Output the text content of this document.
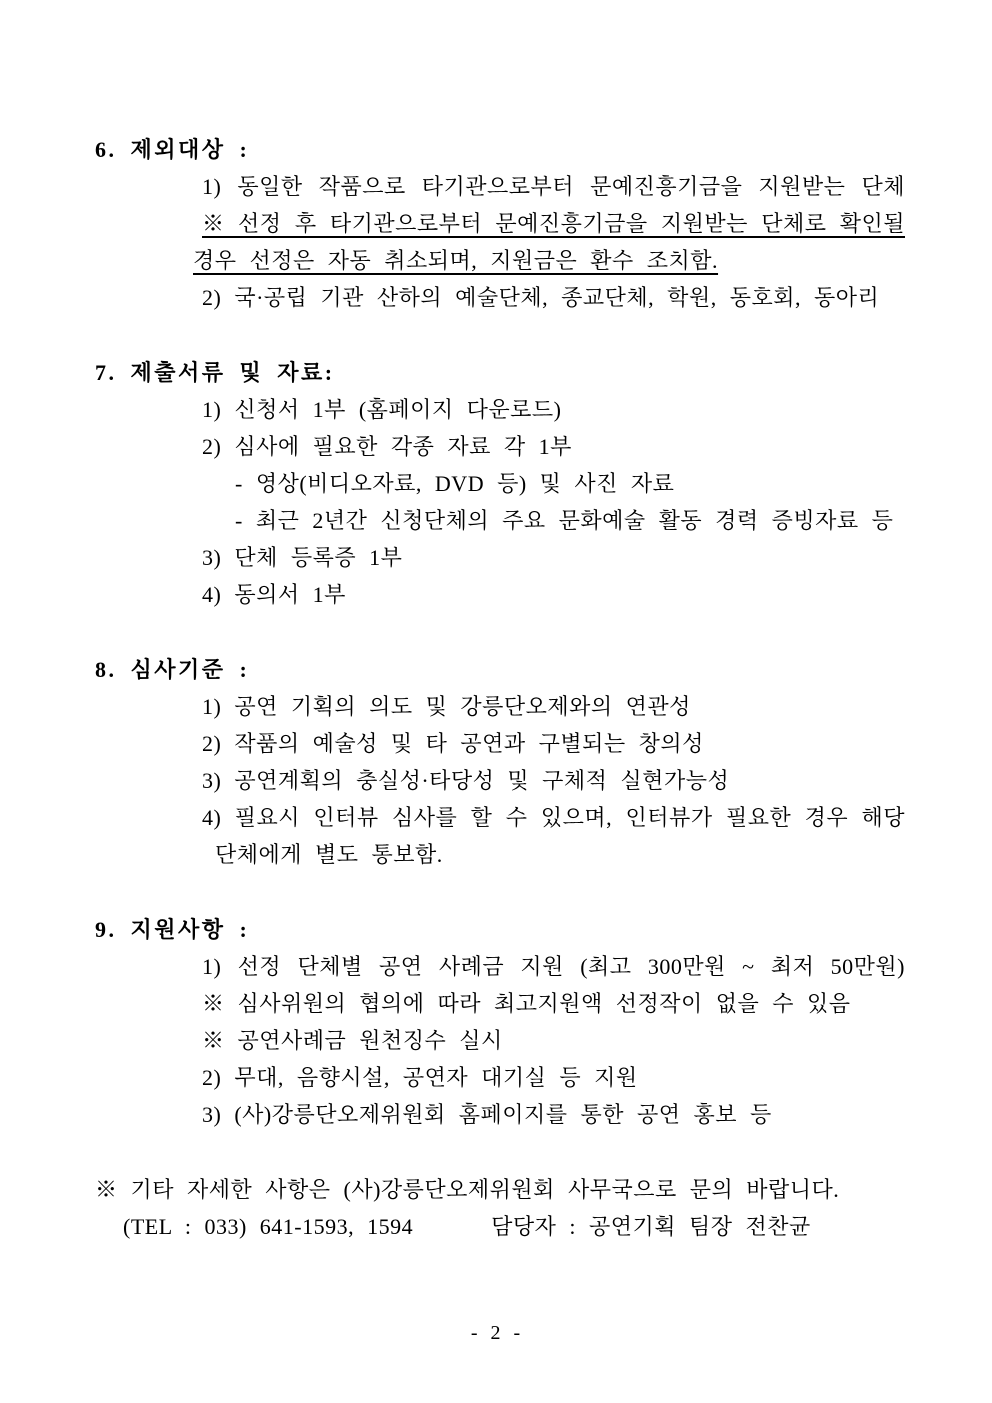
6. 제외대상 :
1) 동일한 작품으로 타기관으로부터 문예진흥기금을 지원받는 단체
※ 선정 후 타기관으로부터 문예진흥기금을 지원받는 단체로 확인될
경우 선정은 자동 취소되며, 지원금은 환수 조치함.
2) 국·공립 기관 산하의 예술단체, 종교단체, 학원, 동호회, 동아리
7. 제출서류 및 자료:
1) 신청서 1부 (홈페이지 다운로드)
2) 심사에 필요한 각종 자료 각 1부
- 영상(비디오자료, DVD 등) 및 사진 자료
- 최근 2년간 신청단체의 주요 문화예술 활동 경력 증빙자료 등
3) 단체 등록증 1부
4) 동의서 1부
8. 심사기준 :
1) 공연 기획의 의도 및 강릉단오제와의 연관성
2) 작품의 예술성 및 타 공연과 구별되는 창의성
3) 공연계획의 충실성·타당성 및 구체적 실현가능성
4) 필요시 인터뷰 심사를 할 수 있으며, 인터뷰가 필요한 경우 해당
단체에게 별도 통보함.
9. 지원사항 :
1) 선정 단체별 공연 사례금 지원 (최고 300만원 ~ 최저 50만원)
※ 심사위원의 협의에 따라 최고지원액 선정작이 없을 수 있음
※ 공연사례금 원천징수 실시
2) 무대, 음향시설, 공연자 대기실 등 지원
3) (사)강릉단오제위원회 홈페이지를 통한 공연 홍보 등
※ 기타 자세한 사항은 (사)강릉단오제위원회 사무국으로 문의 바랍니다.
(TEL : 033) 641-1593, 1594      담당자 : 공연기획 팀장 전찬균
- 2 -
